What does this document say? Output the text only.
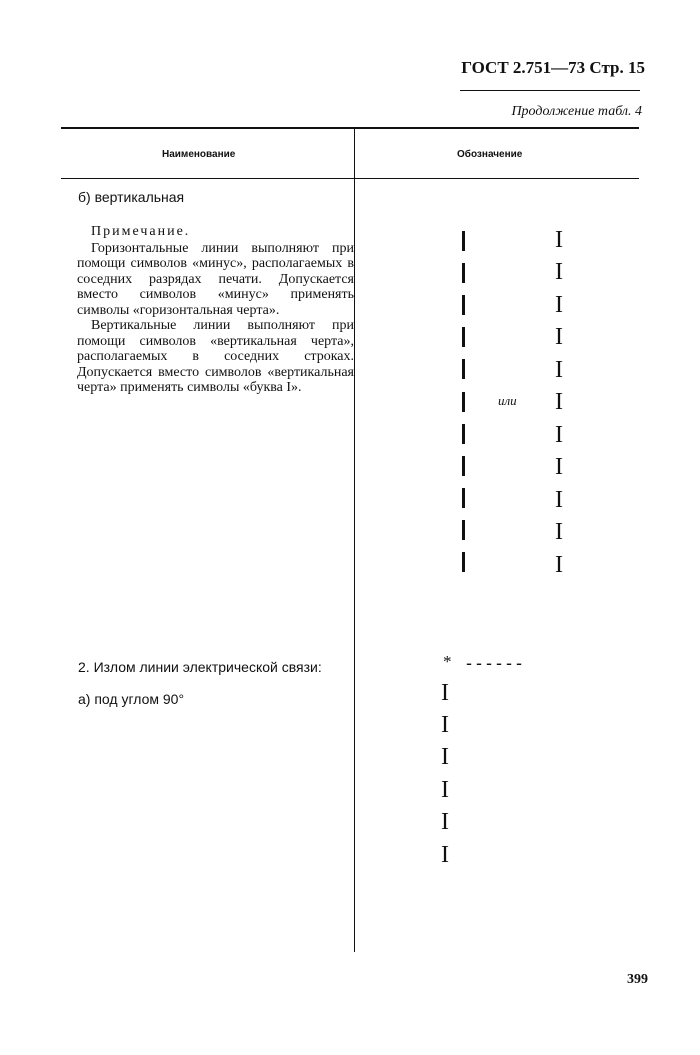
ГОСТ 2.751—73 Стр. 15
Продолжение табл. 4
Наименование	Обозначение
б) вертикальная

Примечание.

Горизонтальные линии выполняют при помощи символов «минус», располагаемых в соседних разрядах печати. Допускается вместо символов «минус» применять символы «горизонтальная черта».

Вертикальные линии выполняют при помощи символов «вертикальная черта», располагаемых в соседних строках. Допускается вместо символов «вертикальная черта» применять символы «буква I».

или
I
I
I
I
I
I
I
I
I
I
I
2. Излом линии электрической связи:
а) под углом 90°
* ------
I
I
I
I
I
I
399
